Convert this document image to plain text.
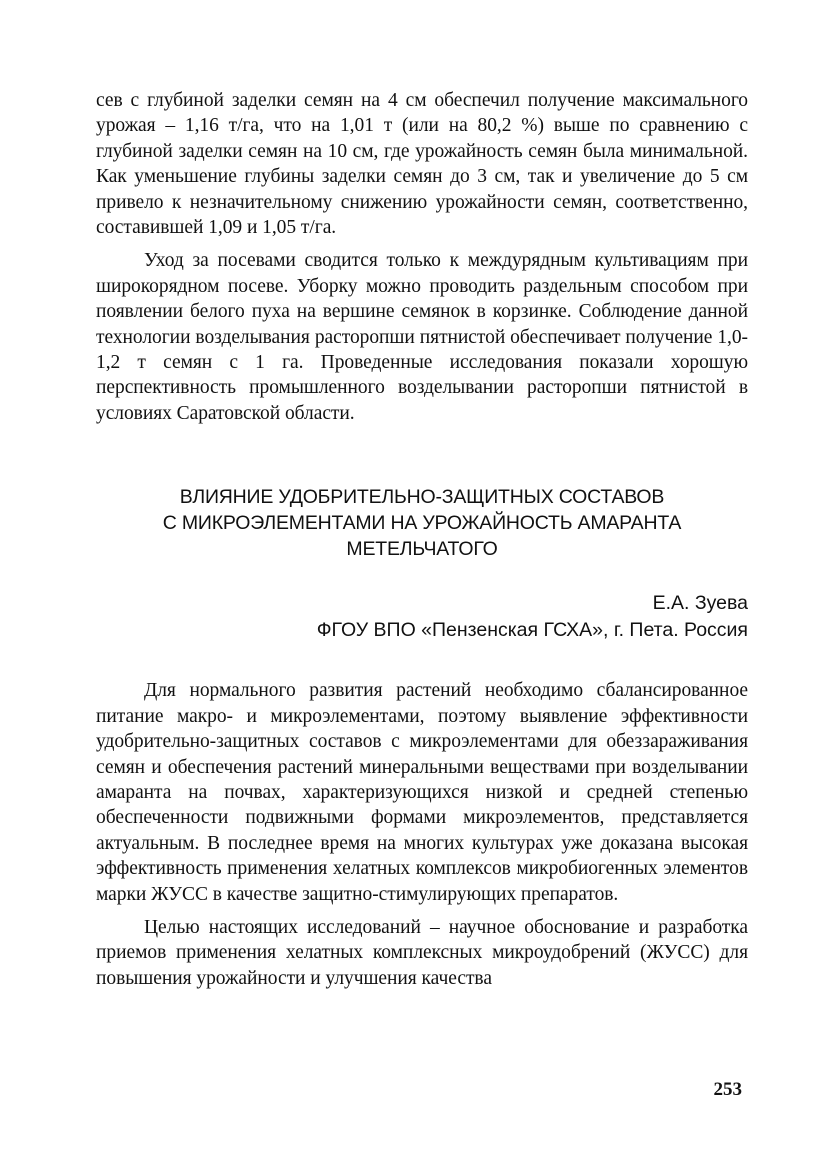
сев с глубиной заделки семян на 4 см обеспечил получение максимального урожая – 1,16 т/га, что на 1,01 т (или на 80,2 %) выше по сравнению с глубиной заделки семян на 10 см, где урожайность семян была минимальной. Как уменьшение глубины заделки семян до 3 см, так и увеличение до 5 см привело к незначительному снижению урожайности семян, соответственно, составившей 1,09 и 1,05 т/га.

Уход за посевами сводится только к междурядным культивациям при широкорядном посеве. Уборку можно проводить раздельным способом при появлении белого пуха на вершине семянок в корзинке. Соблюдение данной технологии возделывания расторопши пятнистой обеспечивает получение 1,0-1,2 т семян с 1 га. Проведенные исследования показали хорошую перспективность промышленного возделывании расторопши пятнистой в условиях Саратовской области.

ВЛИЯНИЕ УДОБРИТЕЛЬНО-ЗАЩИТНЫХ СОСТАВОВ
С МИКРОЭЛЕМЕНТАМИ НА УРОЖАЙНОСТЬ АМАРАНТА
МЕТЕЛЬЧАТОГО
Е.А. Зуева
ФГОУ ВПО «Пензенская ГСХА», г. Пета. Россия

Для нормального развития растений необходимо сбалансированное питание макро- и микроэлементами, поэтому выявление эффективности удобрительно-защитных составов с микроэлементами для обеззараживания семян и обеспечения растений минеральными веществами при возделывании амаранта на почвах, характеризующихся низкой и средней степенью обеспеченности подвижными формами микроэлементов, представляется актуальным. В последнее время на многих культурах уже доказана высокая эффективность применения хелатных комплексов микробиогенных элементов марки ЖУСС в качестве защитно-стимулирующих препаратов.

Целью настоящих исследований – научное обоснование и разработка приемов применения хелатных комплексных микроудобрений (ЖУСС) для повышения урожайности и улучшения качества

253
